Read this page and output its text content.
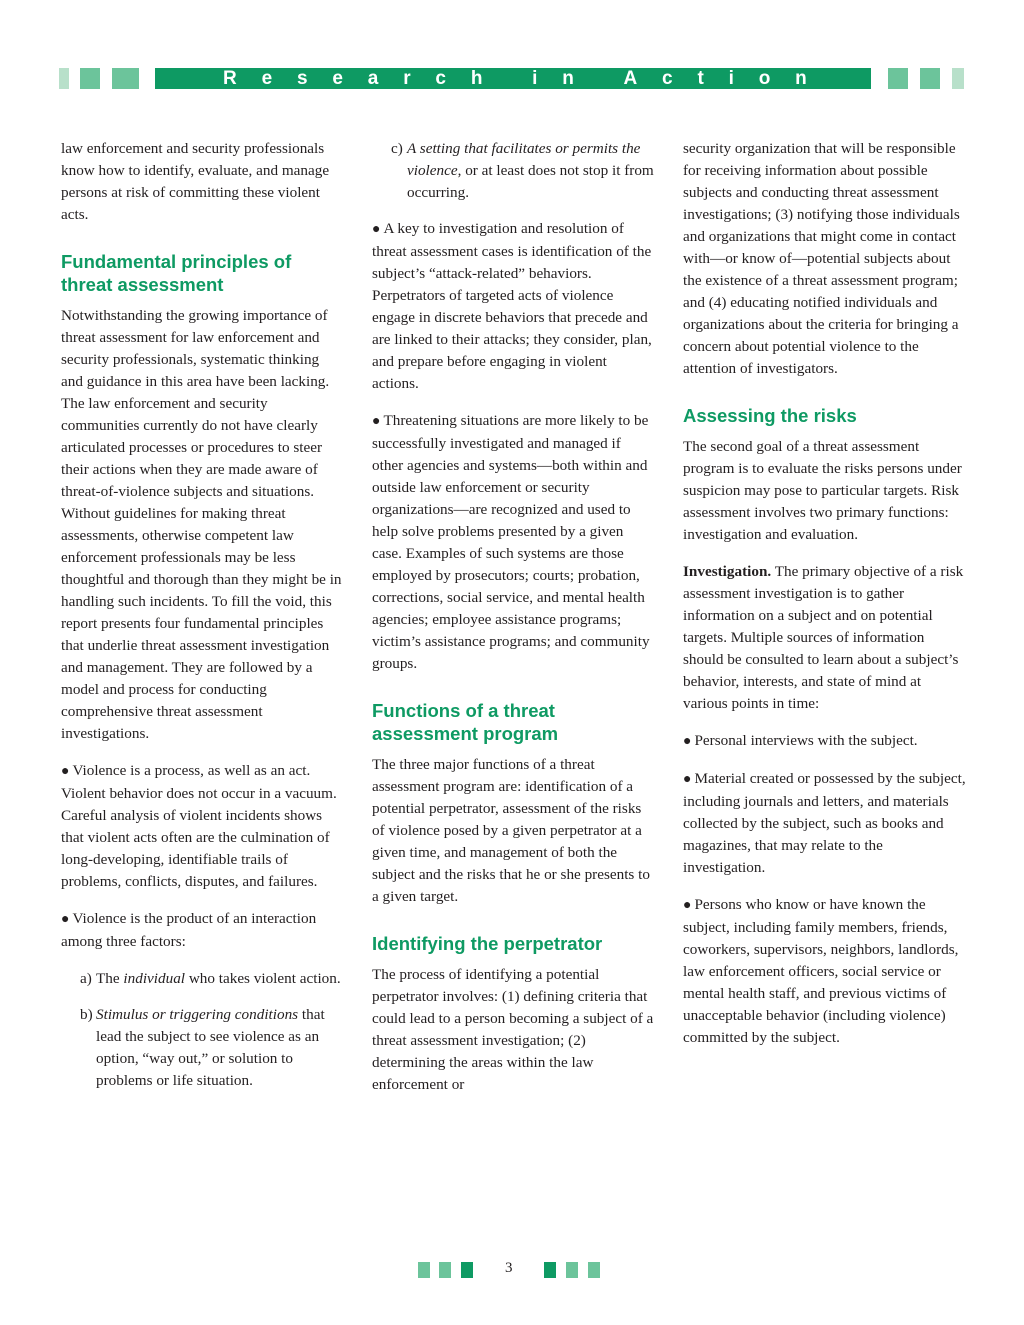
R e s e a r c h	i n	A c t i o n

law enforcement and security professionals know how to identify, evaluate, and manage persons at risk of committing these violent acts.

Fundamental principles of threat assessment

Notwithstanding the growing importance of threat assessment for law enforcement and security professionals, systematic thinking and guidance in this area have been lacking. The law enforcement and security communities currently do not have clearly articulated processes or procedures to steer their actions when they are made aware of threat-of-violence subjects and situations. Without guidelines for making threat assessments, otherwise competent law enforcement professionals may be less thoughtful and thorough than they might be in handling such incidents. To fill the void, this report presents four fundamental principles that underlie threat assessment investigation and management. They are followed by a model and process for conducting comprehensive threat assessment investigations.

● Violence is a process, as well as an act. Violent behavior does not occur in a vacuum. Careful analysis of violent incidents shows that violent acts often are the culmination of long-developing, identifiable trails of problems, conflicts, disputes, and failures.

● Violence is the product of an interaction among three factors:

a) The individual who takes violent action.
b) Stimulus or triggering conditions that lead the subject to see violence as an option, “way out,” or solution to problems or life situation.
c) A setting that facilitates or permits the violence, or at least does not stop it from occurring.

● A key to investigation and resolution of threat assessment cases is identification of the subject’s “attack-related” behaviors. Perpetrators of targeted acts of violence engage in discrete behaviors that precede and are linked to their attacks; they consider, plan, and prepare before engaging in violent actions.

● Threatening situations are more likely to be successfully investigated and managed if other agencies and systems—both within and outside law enforcement or security organizations—are recognized and used to help solve problems presented by a given case. Examples of such systems are those employed by prosecutors; courts; probation, corrections, social service, and mental health agencies; employee assistance programs; victim’s assistance programs; and community groups.

Functions of a threat assessment program

The three major functions of a threat assessment program are: identification of a potential perpetrator, assessment of the risks of violence posed by a given perpetrator at a given time, and management of both the subject and the risks that he or she presents to a given target.

Identifying the perpetrator

The process of identifying a potential perpetrator involves: (1) defining criteria that could lead to a person becoming a subject of a threat assessment investigation; (2) determining the areas within the law enforcement or

security organization that will be responsible for receiving information about possible subjects and conducting threat assessment investigations; (3) notifying those individuals and organizations that might come in contact with—or know of—potential subjects about the existence of a threat assessment program; and (4) educating notified individuals and organizations about the criteria for bringing a concern about potential violence to the attention of investigators.

Assessing the risks

The second goal of a threat assessment program is to evaluate the risks persons under suspicion may pose to particular targets. Risk assessment involves two primary functions: investigation and evaluation.

Investigation. The primary objective of a risk assessment investigation is to gather information on a subject and on potential targets. Multiple sources of information should be consulted to learn about a subject’s behavior, interests, and state of mind at various points in time:

● Personal interviews with the subject.

● Material created or possessed by the subject, including journals and letters, and materials collected by the subject, such as books and magazines, that may relate to the investigation.

● Persons who know or have known the subject, including family members, friends, coworkers, supervisors, neighbors, landlords, law enforcement officers, social service or mental health staff, and previous victims of unacceptable behavior (including violence) committed by the subject.

3
